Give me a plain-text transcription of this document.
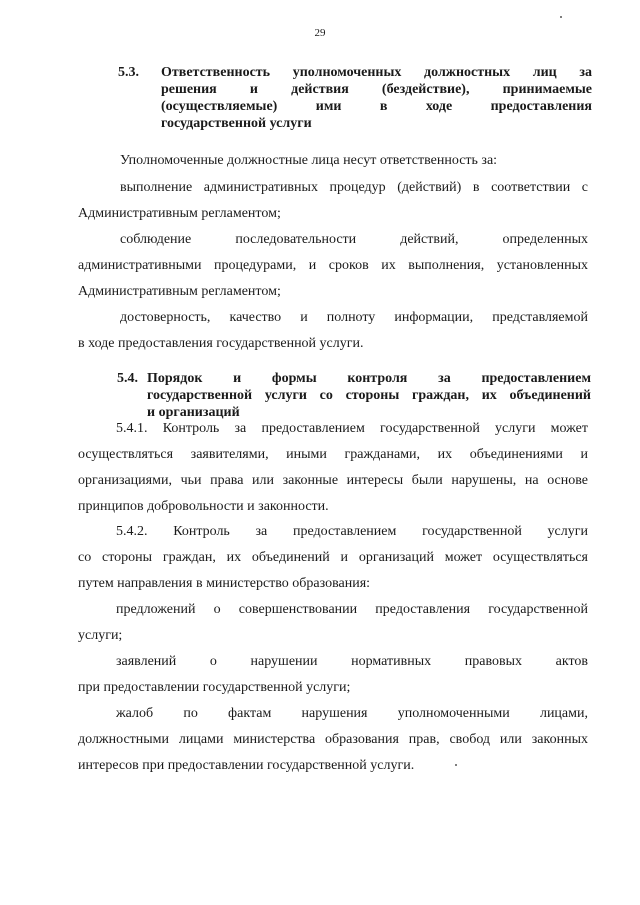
29
5.3. Ответственность уполномоченных должностных лиц за
решения и действия (бездействие), принимаемые
(осуществляемые) ими в ходе предоставления
государственной услуги
Уполномоченные должностные лица несут ответственность за:
выполнение административных процедур (действий) в соответствии с
Административным регламентом;
соблюдение последовательности действий, определенных
административными процедурами, и сроков их выполнения, установленных
Административным регламентом;
достоверность, качество и полноту информации, представляемой
в ходе предоставления государственной услуги.
5.4. Порядок и формы контроля за предоставлением
государственной услуги со стороны граждан, их объединений
и организаций
5.4.1. Контроль за предоставлением государственной услуги может
осуществляться заявителями, иными гражданами, их объединениями и
организациями, чьи права или законные интересы были нарушены, на основе
принципов добровольности и законности.
5.4.2. Контроль за предоставлением государственной услуги
со стороны граждан, их объединений и организаций может осуществляться
путем направления в министерство образования:
предложений о совершенствовании предоставления государственной
услуги;
заявлений о нарушении нормативных правовых актов
при предоставлении государственной услуги;
жалоб по фактам нарушения уполномоченными лицами,
должностными лицами министерства образования прав, свобод или законных
интересов при предоставлении государственной услуги.
